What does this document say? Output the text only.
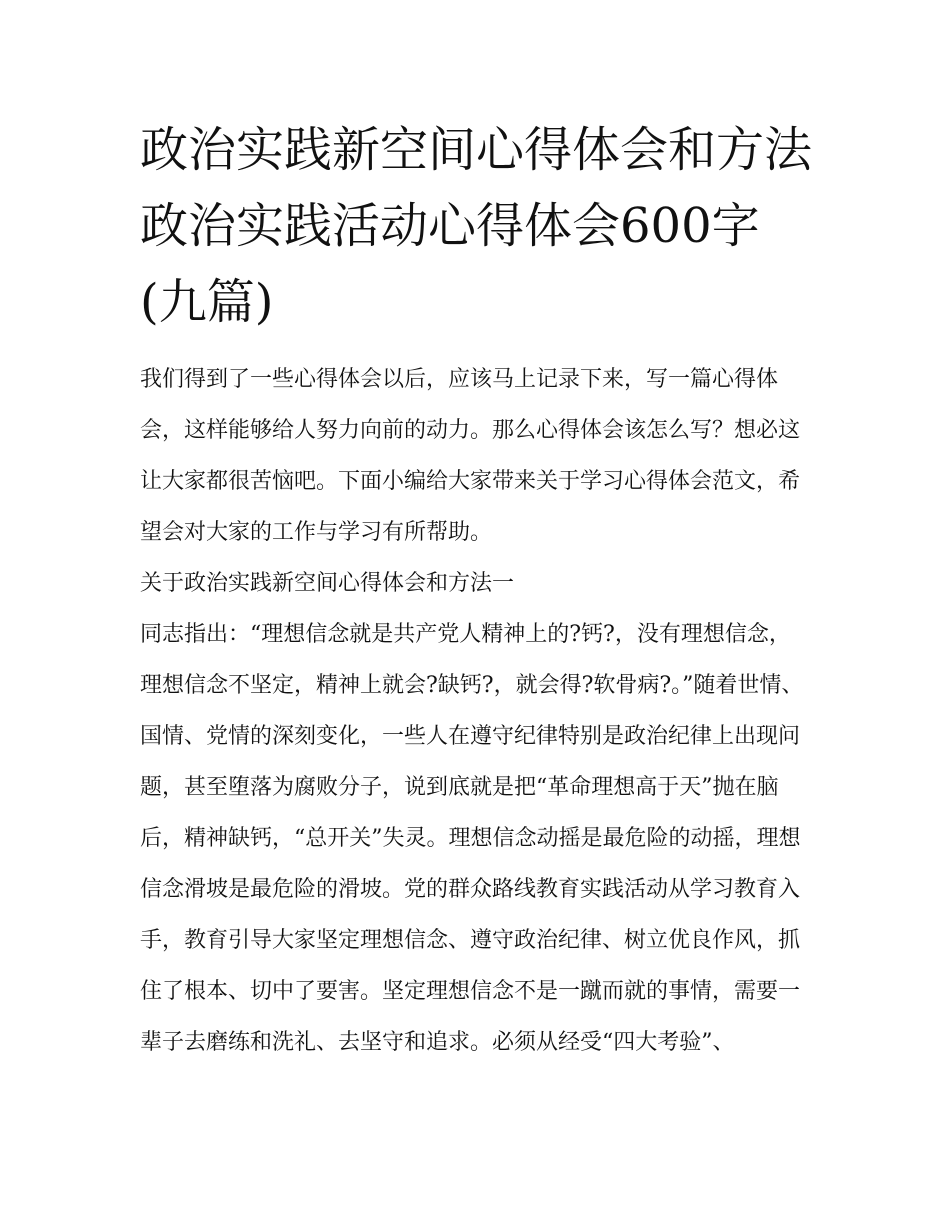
政治实践新空间心得体会和方法 政治实践活动心得体会600字(九篇)

我们得到了一些心得体会以后，应该马上记录下来，写一篇心得体会，这样能够给人努力向前的动力。那么心得体会该怎么写？想必这让大家都很苦恼吧。下面小编给大家带来关于学习心得体会范文，希望会对大家的工作与学习有所帮助。

关于政治实践新空间心得体会和方法一

同志指出：“理想信念就是共产党人精神上的?钙?，没有理想信念，理想信念不坚定，精神上就会?缺钙?，就会得?软骨病?。”随着世情、国情、党情的深刻变化，一些人在遵守纪律特别是政治纪律上出现问题，甚至堕落为腐败分子，说到底就是把“革命理想高于天”抛在脑后，精神缺钙，“总开关”失灵。理想信念动摇是最危险的动摇，理想信念滑坡是最危险的滑坡。党的群众路线教育实践活动从学习教育入手，教育引导大家坚定理想信念、遵守政治纪律、树立优良作风，抓住了根本、切中了要害。坚定理想信念不是一蹴而就的事情，需要一辈子去磨练和洗礼、去坚守和追求。必须从经受“四大考验”、
